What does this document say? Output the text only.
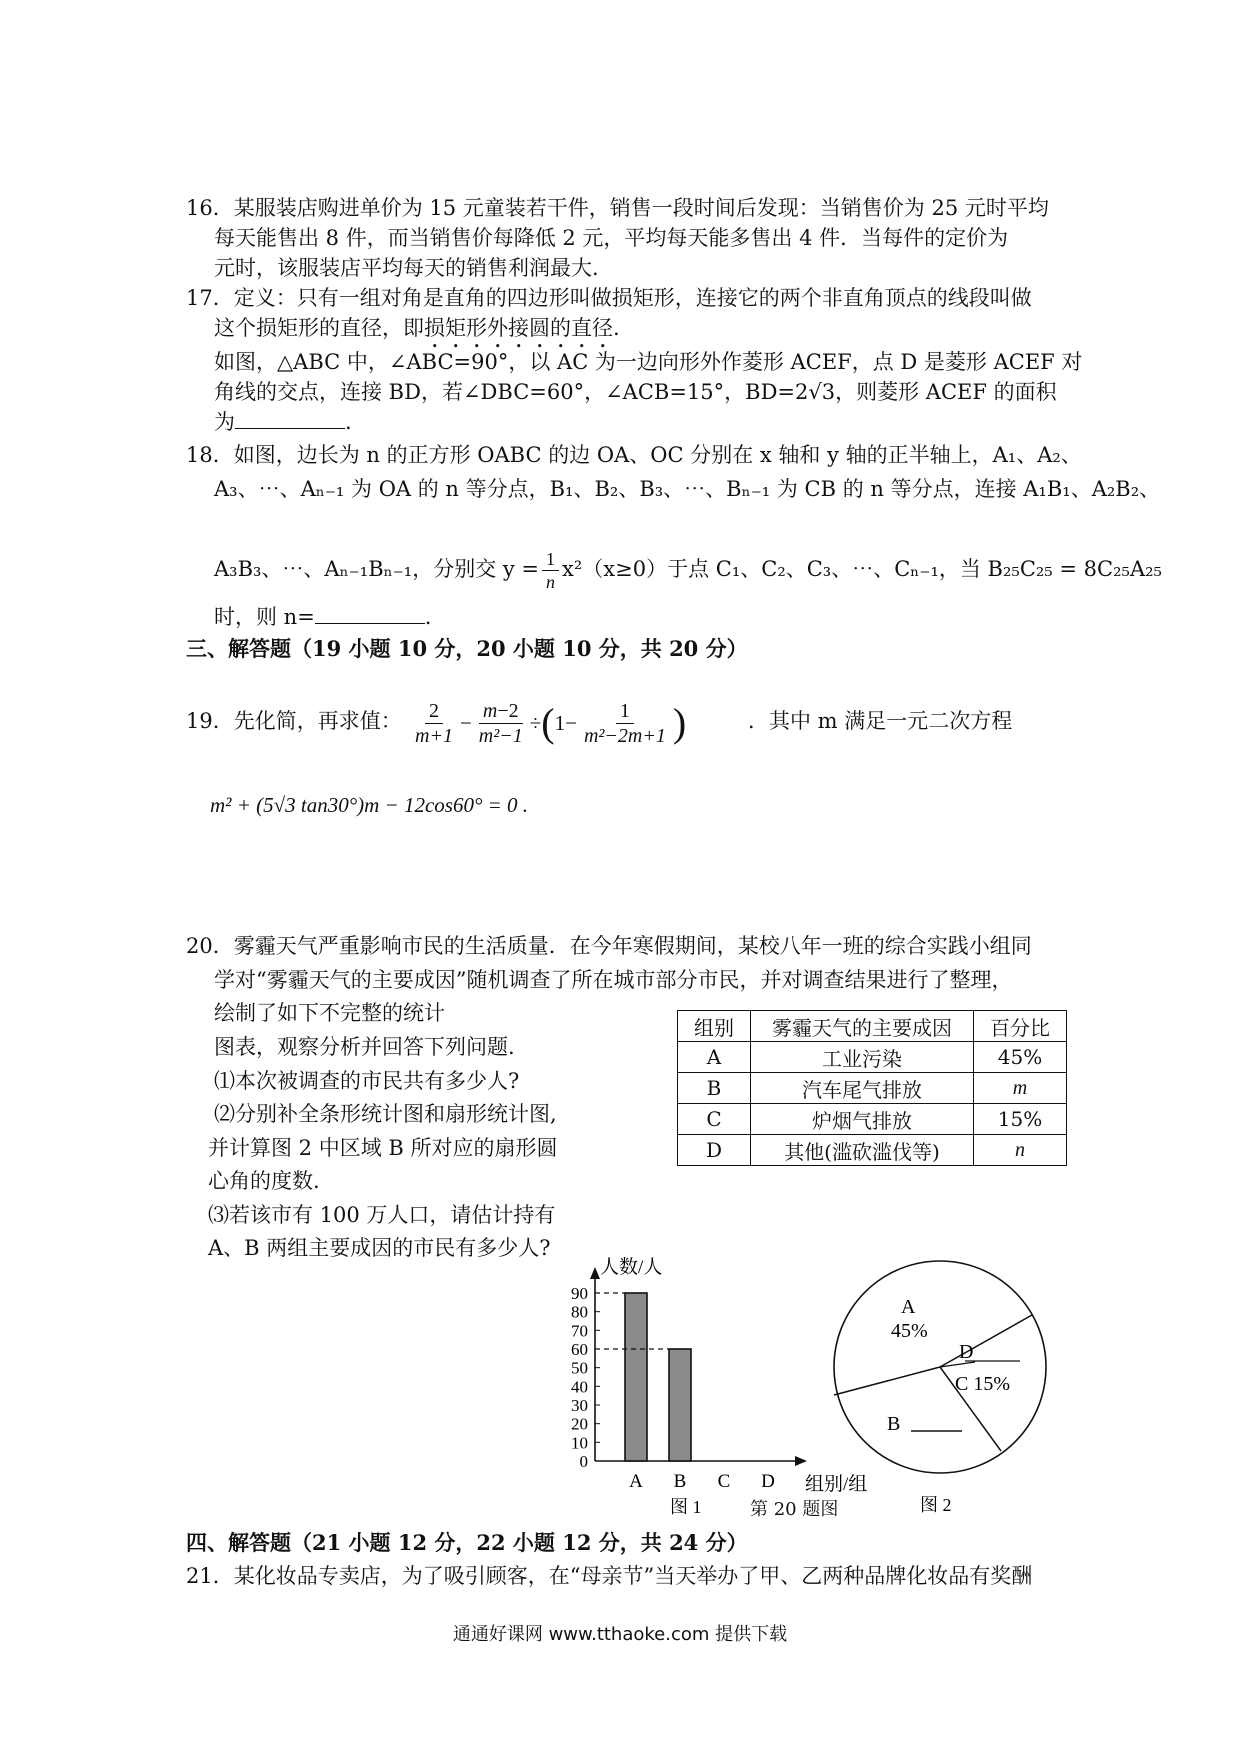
16．某服装店购进单价为 15 元童装若干件，销售一段时间后发现：当销售价为 25 元时平均
每天能售出 8 件，而当销售价每降低 2 元，平均每天能多售出 4 件．当每件的定价为
元时，该服装店平均每天的销售利润最大.
17．定义：只有一组对角是直角的四边形叫做损矩形，连接它的两个非直角顶点的线段叫做
这个损矩形的直径，即损矩形外接圆的直径.
如图，△ABC 中，∠ABC=90°，以 AC 为一边向形外作菱形 ACEF，点 D 是菱形 ACEF 对
角线的交点，连接 BD，若∠DBC=60°，∠ACB=15°，BD=2√3，则菱形 ACEF 的面积
为	.
18．如图，边长为 n 的正方形 OABC 的边 OA、OC 分别在 x 轴和 y 轴的正半轴上，A₁、A₂、
A₃、⋯、Aₙ₋₁ 为 OA 的 n 等分点，B₁、B₂、B₃、⋯、Bₙ₋₁ 为 CB 的 n 等分点，连接 A₁B₁、A₂B₂、
A₃B₃、⋯、Aₙ₋₁Bₙ₋₁，分别交 $y = \frac{1}{n} x^2(x\ge 0)$于点 C₁、C₂、C₃、⋯、Cₙ₋₁，当 B₂₅C₂₅ = 8C₂₅A₂₅
时，则 n=	.
三、解答题（19 小题 10 分，20 小题 10 分，共 20 分）
19．先化简，再求值： $\frac{2}{m+1} - \frac{m-2}{\text{m²−1}}$ ÷ ( $1- \frac{1}{\text{m²−2m+1}}$ )	．其中 m 满足一元二次方程
m² + (5√3 tan30°)m − 12cos60° = 0 .
20．雾霾天气严重影响市民的生活质量．在今年寒假期间，某校八年一班的综合实践小组同
学对“雾霾天气的主要成因”随机调查了所在城市部分市民，并对调查结果进行了整理，
绘制了如下不完整的统计
图表，观察分析并回答下列问题.
⑴本次被调查的市民共有多少人?
⑵分别补全条形统计图和扇形统计图,
并计算图 2 中区域 B 所对应的扇形圆
心角的度数.
⑶若该市有 100 万人口，请估计持有
A、B 两组主要成因的市民有多少人?
组别	雾霾天气的主要成因	百分比
A	工业污染	45%
B	汽车尾气排放	m
C	炉烟气排放	15%
D	其他(滥砍滥伐等)	n
人数/人
组别/组
图 1
0
10
20
30
40
50
60
70
80
90
A B C D
A
45%
D
C 15%
B
图 2
第 20 题图
四、解答题（21 小题 12 分，22 小题 12 分，共 24 分）
21．某化妆品专卖店，为了吸引顾客，在“母亲节”当天举办了甲、乙两种品牌化妆品有奖酬
通通好课网 www.tthaoke.com 提供下载
